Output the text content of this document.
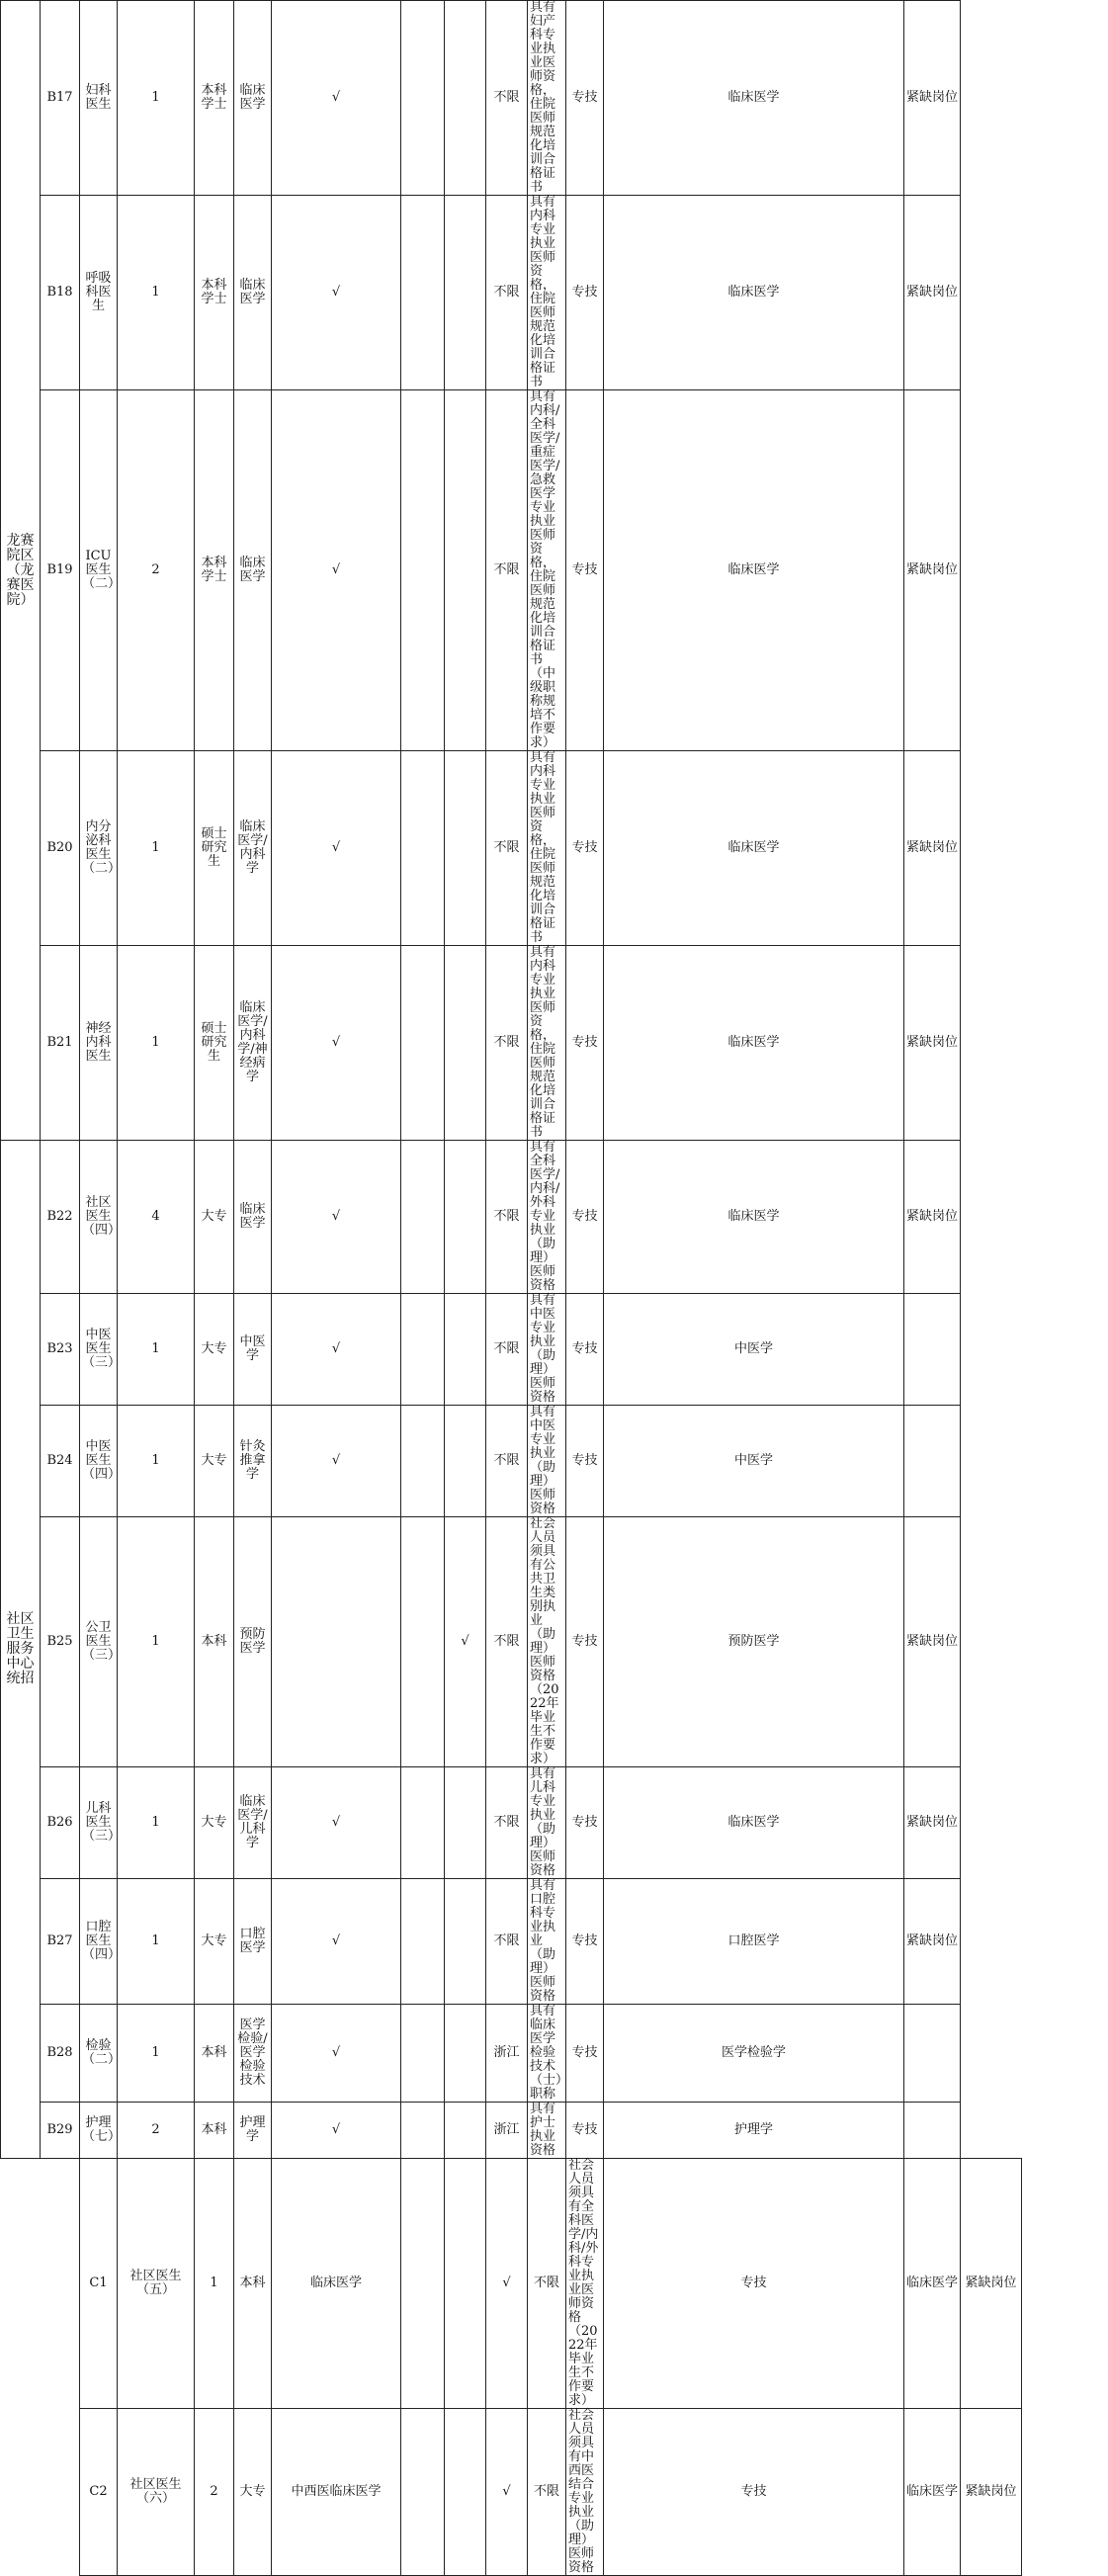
龙赛院区（龙赛医院）	B17	妇科医生	1	本科学士	临床医学	√			不限	具有妇产科专业执业医师资格，住院医师规范化培训合格证书	专技	临床医学	紧缺岗位	
	B18	呼吸科医生	1	本科学士	临床医学	√			不限	具有内科专业执业医师资格，住院医师规范化培训合格证书	专技	临床医学	紧缺岗位	
	B19	ICU医生（二）	2	本科学士	临床医学	√			不限	具有内科/全科医学/重症医学/急救医学专业执业医师资格，住院医师规范化培训合格证书（中级职称规培不作要求）	专技	临床医学	紧缺岗位	
	B20	内分泌科医生（二）	1	硕士研究生	临床医学/内科学	√			不限	具有内科专业执业医师资格，住院医师规范化培训合格证书	专技	临床医学	紧缺岗位	
	B21	神经内科医生	1	硕士研究生	临床医学/内科学/神经病学	√			不限	具有内科专业执业医师资格，住院医师规范化培训合格证书	专技	临床医学	紧缺岗位	
社区卫生服务中心统招	B22	社区医生（四）	4	大专	临床医学	√			不限	具有全科医学/内科/外科专业执业（助理）医师资格	专技	临床医学	紧缺岗位	
	B23	中医医生（三）	1	大专	中医学	√			不限	具有中医专业执业（助理）医师资格	专技	中医学		
	B24	中医医生（四）	1	大专	针灸推拿学	√			不限	具有中医专业执业（助理）医师资格	专技	中医学		
	B25	公卫医生（三）	1	本科	预防医学			√	不限	社会人员须具有公共卫生类别执业（助理）医师资格（2022年毕业生不作要求）	专技	预防医学	紧缺岗位	
	B26	儿科医生（三）	1	大专	临床医学/儿科学	√			不限	具有儿科专业执业（助理）医师资格	专技	临床医学	紧缺岗位	
	B27	口腔医生（四）	1	大专	口腔医学	√			不限	具有口腔科专业执业（助理）医师资格	专技	口腔医学	紧缺岗位	
	B28	检验（二）	1	本科	医学检验/医学检验技术	√			浙江	具有临床医学检验技术（士）职称	专技	医学检验学		
	B29	护理（七）	2	本科	护理学	√			浙江	具有护士执业资格	专技	护理学		
		C1	社区医生（五）	1	本科	临床医学			√	不限	社会人员须具有全科医学/内科/外科专业执业医师资格（2022年毕业生不作要求）	专技	临床医学	紧缺岗位
		C2	社区医生（六）	2	大专	中西医临床医学			√	不限	社会人员须具有中西医结合专业执业（助理）医师资格	专技	临床医学	紧缺岗位
